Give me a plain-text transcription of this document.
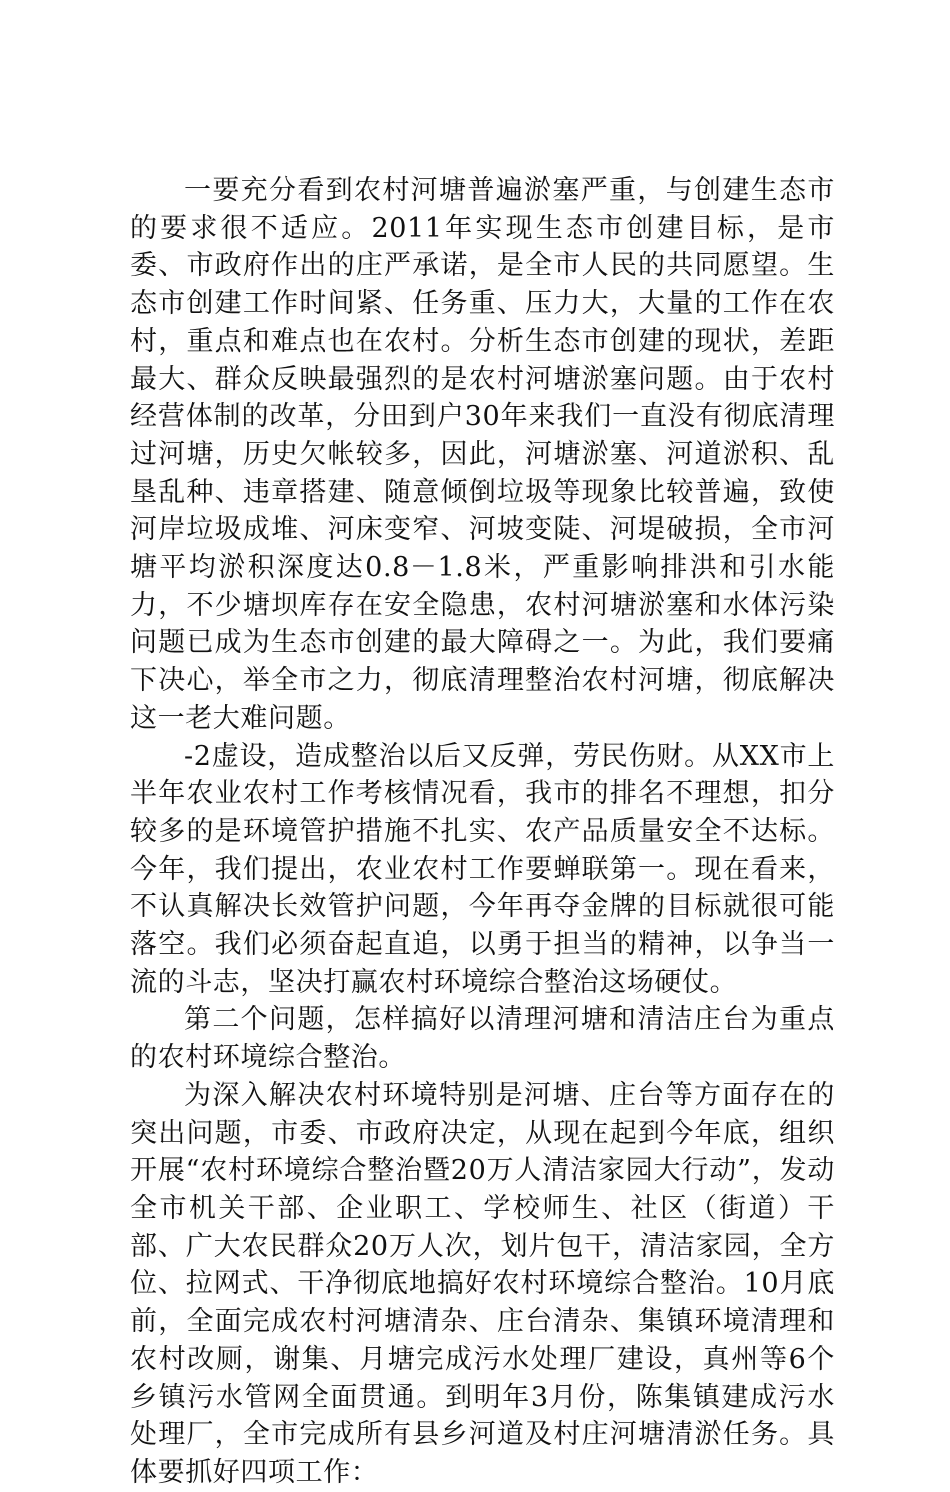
一要充分看到农村河塘普遍淤塞严重，与创建生态市的要求很不适应。2011年实现生态市创建目标，是市委、市政府作出的庄严承诺，是全市人民的共同愿望。生态市创建工作时间紧、任务重、压力大，大量的工作在农村，重点和难点也在农村。分析生态市创建的现状，差距最大、群众反映最强烈的是农村河塘淤塞问题。由于农村经营体制的改革，分田到户30年来我们一直没有彻底清理过河塘，历史欠帐较多，因此，河塘淤塞、河道淤积、乱垦乱种、违章搭建、随意倾倒垃圾等现象比较普遍，致使河岸垃圾成堆、河床变窄、河坡变陡、河堤破损，全市河塘平均淤积深度达0.8－1.8米，严重影响排洪和引水能力，不少塘坝库存在安全隐患，农村河塘淤塞和水体污染问题已成为生态市创建的最大障碍之一。为此，我们要痛下决心，举全市之力，彻底清理整治农村河塘，彻底解决这一老大难问题。

-2虚设，造成整治以后又反弹，劳民伤财。从XX市上半年农业农村工作考核情况看，我市的排名不理想，扣分较多的是环境管护措施不扎实、农产品质量安全不达标。今年，我们提出，农业农村工作要蝉联第一。现在看来，不认真解决长效管护问题，今年再夺金牌的目标就很可能落空。我们必须奋起直追，以勇于担当的精神，以争当一流的斗志，坚决打赢农村环境综合整治这场硬仗。

第二个问题，怎样搞好以清理河塘和清洁庄台为重点的农村环境综合整治。

为深入解决农村环境特别是河塘、庄台等方面存在的突出问题，市委、市政府决定，从现在起到今年底，组织开展“农村环境综合整治暨20万人清洁家园大行动”，发动全市机关干部、企业职工、学校师生、社区（街道）干部、广大农民群众20万人次，划片包干，清洁家园，全方位、拉网式、干净彻底地搞好农村环境综合整治。10月底前，全面完成农村河塘清杂、庄台清杂、集镇环境清理和农村改厕，谢集、月塘完成污水处理厂建设，真州等6个乡镇污水管网全面贯通。到明年3月份，陈集镇建成污水处理厂，全市完成所有县乡河道及村庄河塘清淤任务。具体要抓好四项工作：
